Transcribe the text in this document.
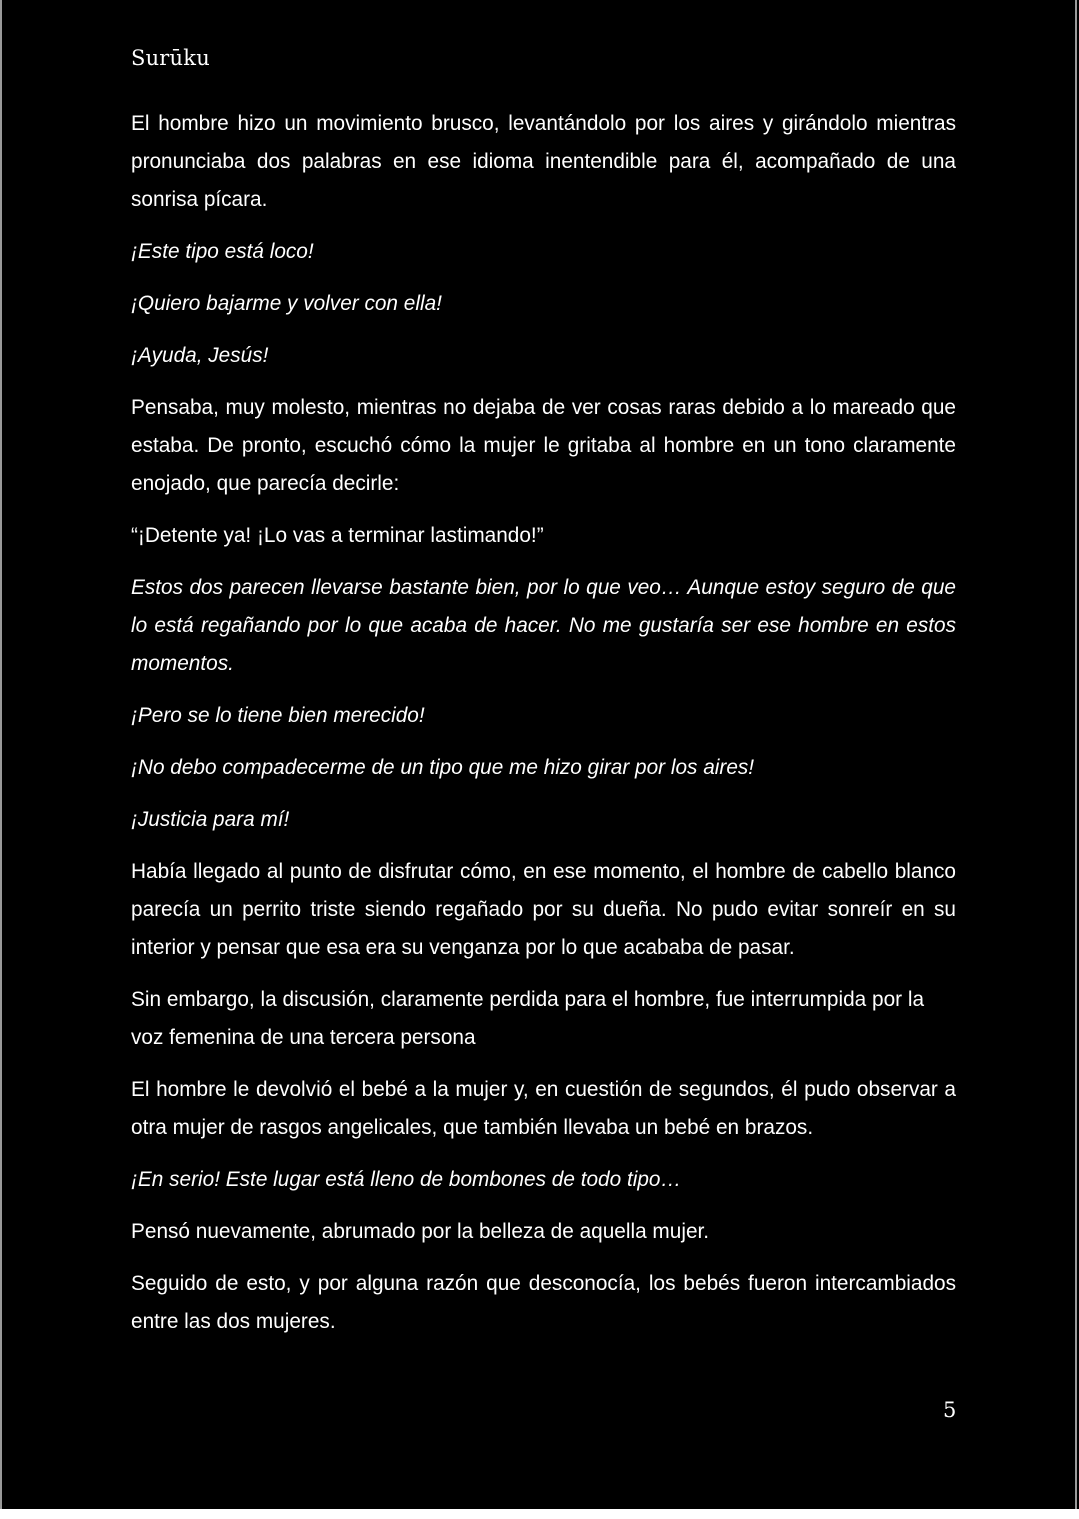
Surūku

El hombre hizo un movimiento brusco, levantándolo por los aires y girándolo mientras pronunciaba dos palabras en ese idioma inentendible para él, acompañado de una sonrisa pícara.

¡Este tipo está loco!

¡Quiero bajarme y volver con ella!

¡Ayuda, Jesús!

Pensaba, muy molesto, mientras no dejaba de ver cosas raras debido a lo mareado que estaba. De pronto, escuchó cómo la mujer le gritaba al hombre en un tono claramente enojado, que parecía decirle:

“¡Detente ya! ¡Lo vas a terminar lastimando!”

Estos dos parecen llevarse bastante bien, por lo que veo… Aunque estoy seguro de que lo está regañando por lo que acaba de hacer. No me gustaría ser ese hombre en estos momentos.

¡Pero se lo tiene bien merecido!

¡No debo compadecerme de un tipo que me hizo girar por los aires!

¡Justicia para mí!

Había llegado al punto de disfrutar cómo, en ese momento, el hombre de cabello blanco parecía un perrito triste siendo regañado por su dueña. No pudo evitar sonreír en su interior y pensar que esa era su venganza por lo que acababa de pasar.

Sin embargo, la discusión, claramente perdida para el hombre, fue interrumpida por la voz femenina de una tercera persona

El hombre le devolvió el bebé a la mujer y, en cuestión de segundos, él pudo observar a otra mujer de rasgos angelicales, que también llevaba un bebé en brazos.

¡En serio! Este lugar está lleno de bombones de todo tipo…

Pensó nuevamente, abrumado por la belleza de aquella mujer.

Seguido de esto, y por alguna razón que desconocía, los bebés fueron intercambiados entre las dos mujeres.

5
